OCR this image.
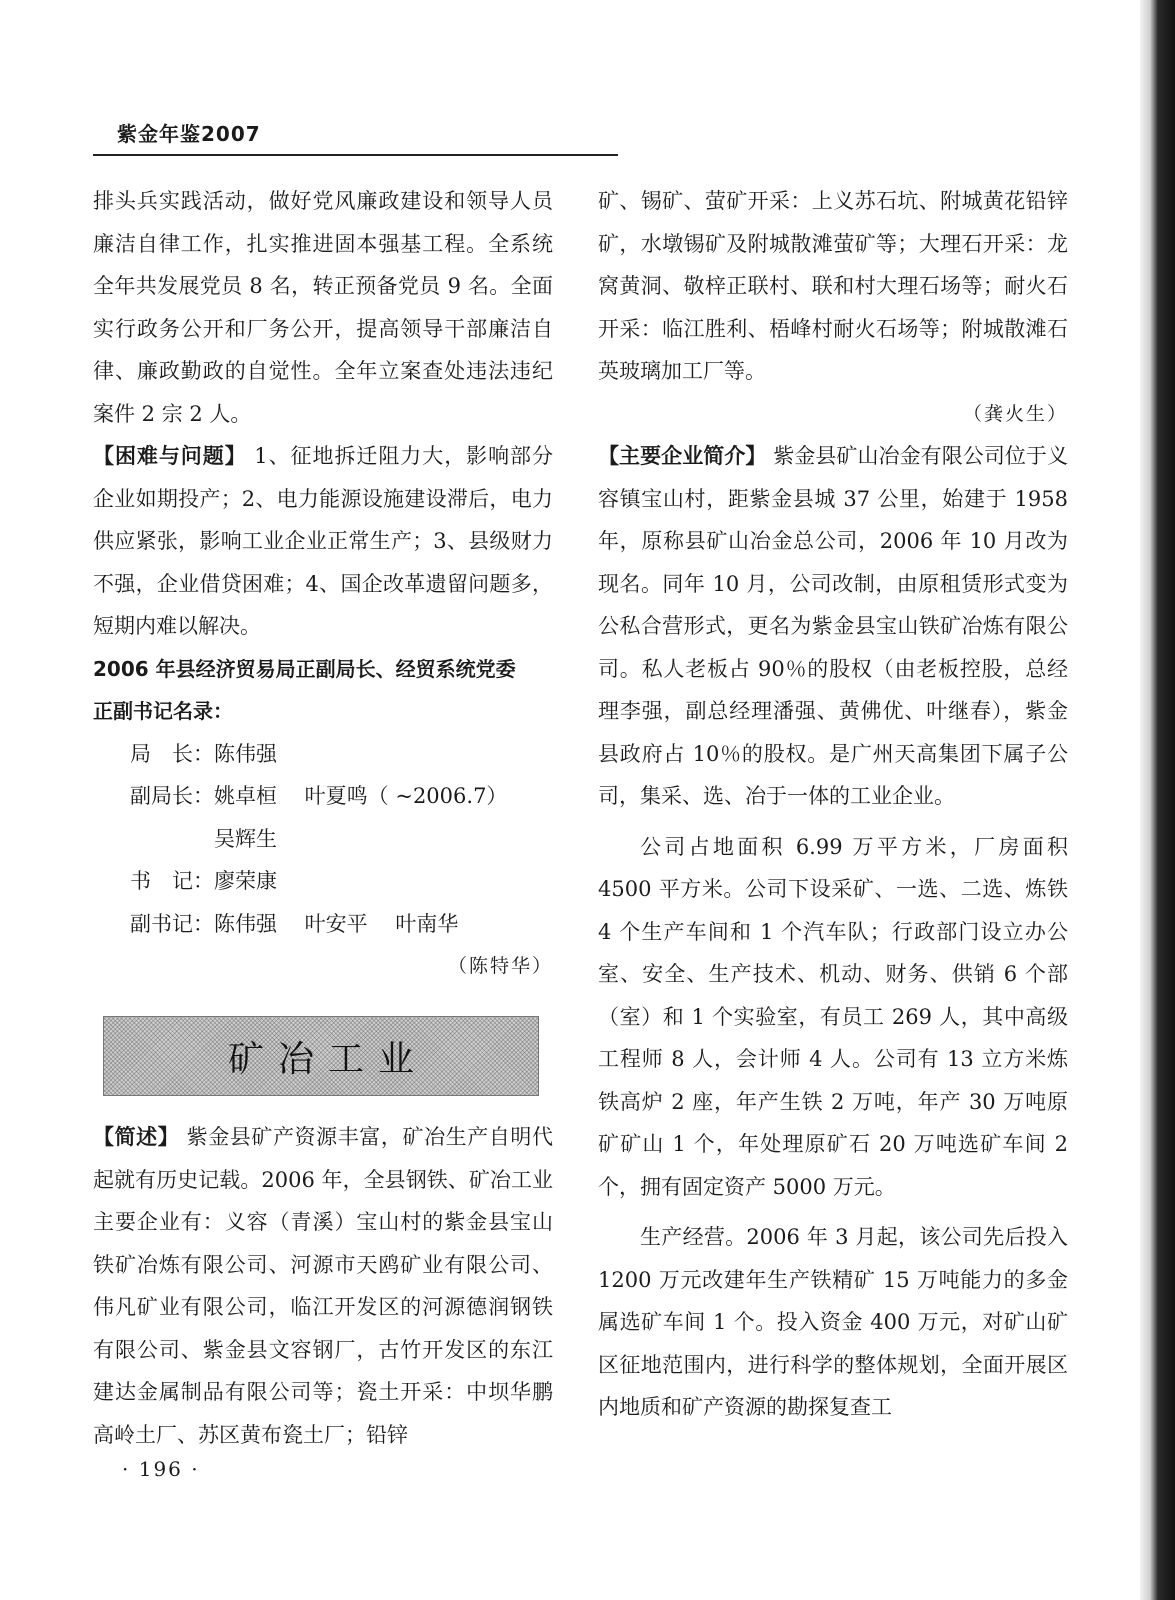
紫金年鉴2007

排头兵实践活动，做好党风廉政建设和领导人员廉洁自律工作，扎实推进固本强基工程。全系统全年共发展党员 8 名，转正预备党员 9 名。全面实行政务公开和厂务公开，提高领导干部廉洁自律、廉政勤政的自觉性。全年立案查处违法违纪案件 2 宗 2 人。

【困难与问题】 1、征地拆迁阻力大，影响部分企业如期投产；2、电力能源设施建设滞后，电力供应紧张，影响工业企业正常生产；3、县级财力不强，企业借贷困难；4、国企改革遗留问题多，短期内难以解决。

2006 年县经济贸易局正副局长、经贸系统党委

正副书记名录：

局　长： 陈伟强
副局长： 姚卓桓　 叶夏鸣（ ~2006.7）
吴辉生
书　记： 廖荣康
副书记： 陈伟强　 叶安平　 叶南华

（陈特华）

矿冶工业

【简述】 紫金县矿产资源丰富，矿冶生产自明代起就有历史记载。2006 年，全县钢铁、矿冶工业主要企业有：义容（青溪）宝山村的紫金县宝山铁矿冶炼有限公司、河源市天鸥矿业有限公司、伟凡矿业有限公司，临江开发区的河源德润钢铁有限公司、紫金县文容钢厂，古竹开发区的东江建达金属制品有限公司等；瓷土开采：中坝华鹏高岭土厂、苏区黄布瓷土厂；铅锌

矿、锡矿、萤矿开采：上义苏石坑、附城黄花铅锌矿，水墩锡矿及附城散滩萤矿等；大理石开采：龙窝黄洞、敬梓正联村、联和村大理石场等；耐火石开采：临江胜利、梧峰村耐火石场等；附城散滩石英玻璃加工厂等。

（龚火生）

【主要企业简介】 紫金县矿山冶金有限公司位于义容镇宝山村，距紫金县城 37 公里，始建于 1958 年，原称县矿山冶金总公司，2006 年 10 月改为现名。同年 10 月，公司改制，由原租赁形式变为公私合营形式，更名为紫金县宝山铁矿冶炼有限公司。私人老板占 90％的股权（由老板控股，总经理李强，副总经理潘强、黄佛优、叶继春），紫金县政府占 10％的股权。是广州天高集团下属子公司，集采、选、冶于一体的工业企业。

公司占地面积 6.99 万平方米，厂房面积 4500 平方米。公司下设采矿、一选、二选、炼铁 4 个生产车间和 1 个汽车队；行政部门设立办公室、安全、生产技术、机动、财务、供销 6 个部（室）和 1 个实验室，有员工 269 人，其中高级工程师 8 人，会计师 4 人。公司有 13 立方米炼铁高炉 2 座，年产生铁 2 万吨，年产 30 万吨原矿矿山 1 个，年处理原矿石 20 万吨选矿车间 2 个，拥有固定资产 5000 万元。

生产经营。2006 年 3 月起，该公司先后投入 1200 万元改建年生产铁精矿 15 万吨能力的多金属选矿车间 1 个。投入资金 400 万元，对矿山矿区征地范围内，进行科学的整体规划，全面开展区内地质和矿产资源的勘探复查工

· 196 ·
